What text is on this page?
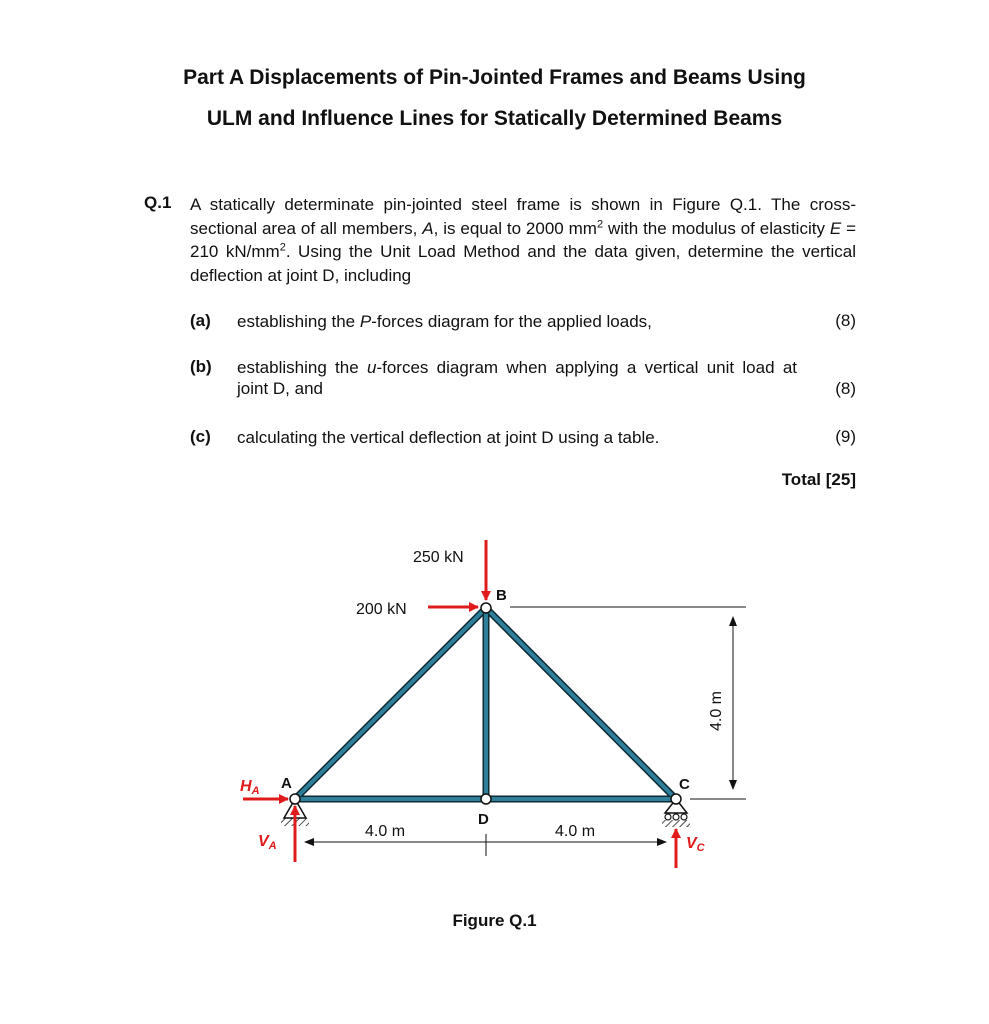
Part A Displacements of Pin-Jointed Frames and Beams Using
ULM and Influence Lines for Statically Determined Beams
Q.1 A statically determinate pin-jointed steel frame is shown in Figure Q.1. The cross-sectional area of all members, A, is equal to 2000 $mm^2$ with the modulus of elasticity E = 210 $kN/mm^2$. Using the Unit Load Method and the data given, determine the vertical deflection at joint D, including
(a) establishing the P-forces diagram for the applied loads,	(8)
(b) establishing the u-forces diagram when applying a vertical unit load at joint D, and	(8)
(c) calculating the vertical deflection at joint D using a table.	(9)
Total [25]
250 kN
200 kN
B
A	C
D
4.0 m	4.0 m
4.0 m
HA
VA	VC
Figure Q.1
